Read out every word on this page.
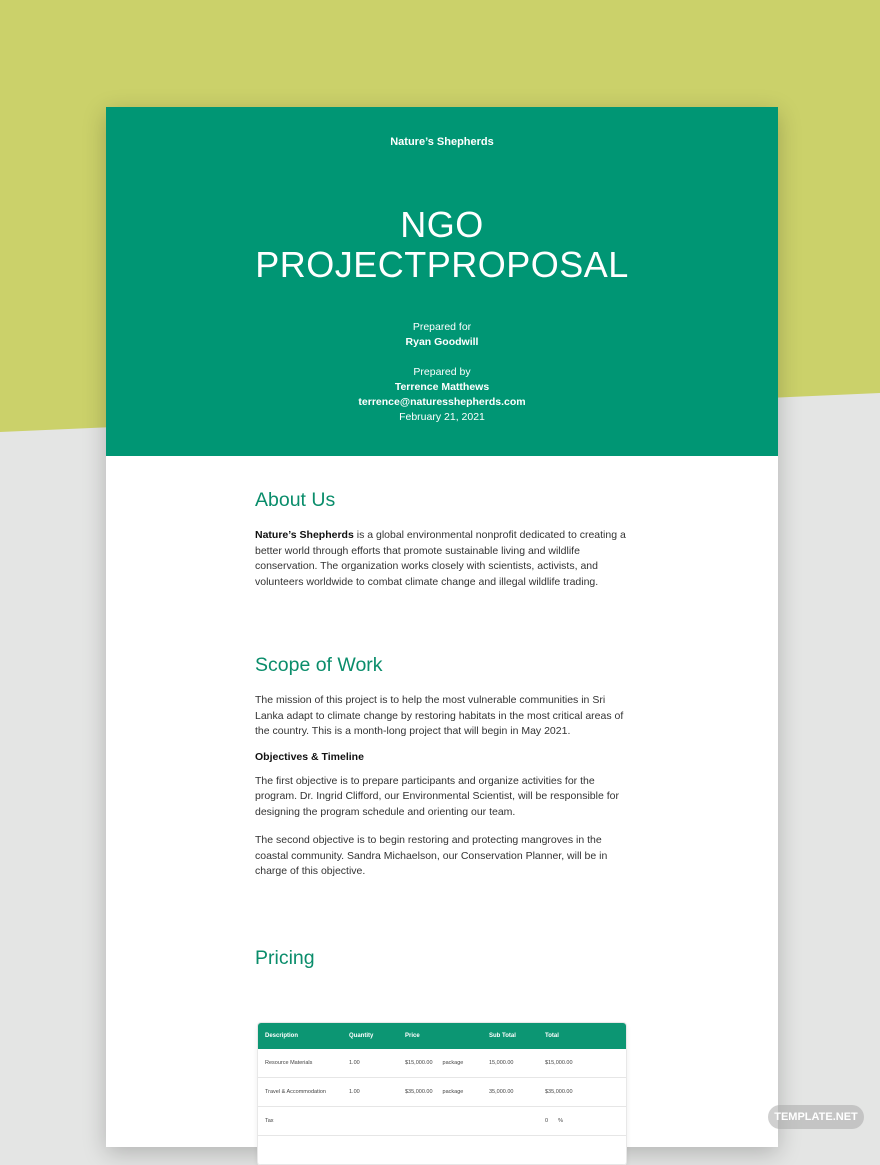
Nature’s Shepherds
NGO
PROJECTPROPOSAL
Prepared for
Ryan Goodwill
Prepared by
Terrence Matthews
terrence@naturesshepherds.com
February 21, 2021
About Us

Nature’s Shepherds is a global environmental nonprofit dedicated to creating a better world through efforts that promote sustainable living and wildlife conservation. The organization works closely with scientists, activists, and volunteers worldwide to combat climate change and illegal wildlife trading.

Scope of Work

The mission of this project is to help the most vulnerable communities in Sri Lanka adapt to climate change by restoring habitats in the most critical areas of the country. This is a month-long project that will begin in May 2021.

Objectives & Timeline

The first objective is to prepare participants and organize activities for the program. Dr. Ingrid Clifford, our Environmental Scientist, will be responsible for designing the program schedule and orienting our team.

The second objective is to begin restoring and protecting mangroves in the coastal community. Sandra Michaelson, our Conservation Planner, will be in charge of this objective.

Pricing
Description	Quantity	Price	Sub Total	Total
Resource Materials	1.00	$15,000.00 package	15,000.00	$15,000.00
Travel & Accommodation	1.00	$35,000.00 package	35,000.00	$35,000.00
Tax				0 %
					TEMPLATE.NET
